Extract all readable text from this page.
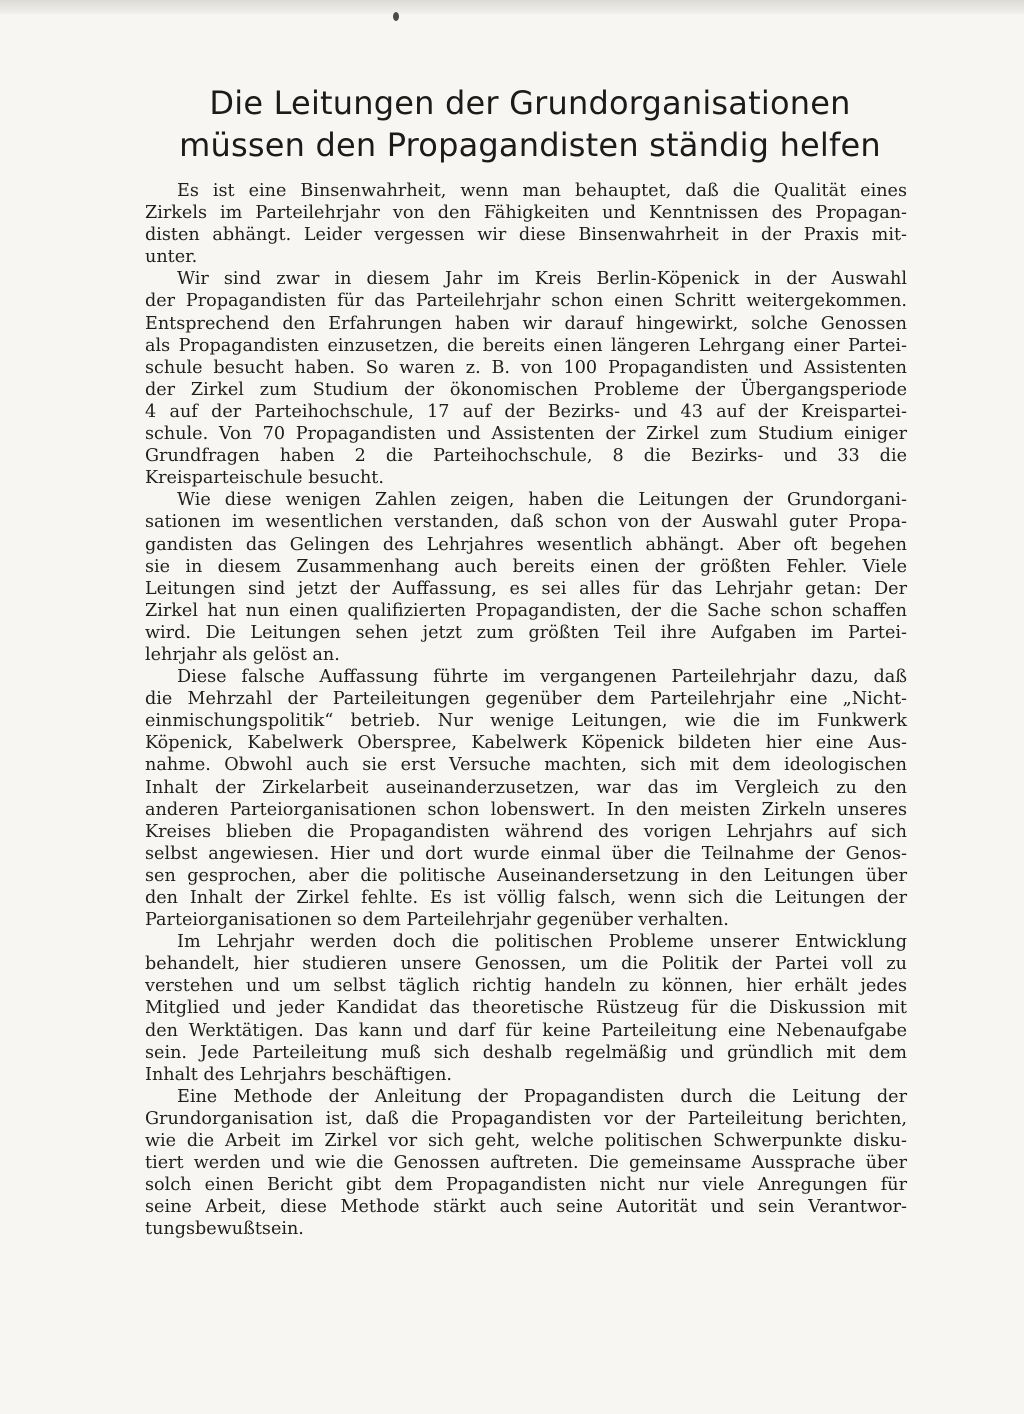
Die Leitungen der Grundorganisationen
müssen den Propagandisten ständig helfen
Es ist eine Binsenwahrheit, wenn man behauptet, daß die Qualität eines
Zirkels im Parteilehrjahr von den Fähigkeiten und Kenntnissen des Propagan-
disten abhängt. Leider vergessen wir diese Binsenwahrheit in der Praxis mit-
unter.
Wir sind zwar in diesem Jahr im Kreis Berlin-Köpenick in der Auswahl
der Propagandisten für das Parteilehrjahr schon einen Schritt weitergekommen.
Entsprechend den Erfahrungen haben wir darauf hingewirkt, solche Genossen
als Propagandisten einzusetzen, die bereits einen längeren Lehrgang einer Partei-
schule besucht haben. So waren z. B. von 100 Propagandisten und Assistenten
der Zirkel zum Studium der ökonomischen Probleme der Übergangsperiode
4 auf der Parteihochschule, 17 auf der Bezirks- und 43 auf der Kreispartei-
schule. Von 70 Propagandisten und Assistenten der Zirkel zum Studium einiger
Grundfragen haben 2 die Parteihochschule, 8 die Bezirks- und 33 die
Kreisparteischule besucht.
Wie diese wenigen Zahlen zeigen, haben die Leitungen der Grundorgani-
sationen im wesentlichen verstanden, daß schon von der Auswahl guter Propa-
gandisten das Gelingen des Lehrjahres wesentlich abhängt. Aber oft begehen
sie in diesem Zusammenhang auch bereits einen der größten Fehler. Viele
Leitungen sind jetzt der Auffassung, es sei alles für das Lehrjahr getan: Der
Zirkel hat nun einen qualifizierten Propagandisten, der die Sache schon schaffen
wird. Die Leitungen sehen jetzt zum größten Teil ihre Aufgaben im Partei-
lehrjahr als gelöst an.
Diese falsche Auffassung führte im vergangenen Parteilehrjahr dazu, daß
die Mehrzahl der Parteileitungen gegenüber dem Parteilehrjahr eine „Nicht-
einmischungspolitik“ betrieb. Nur wenige Leitungen, wie die im Funkwerk
Köpenick, Kabelwerk Oberspree, Kabelwerk Köpenick bildeten hier eine Aus-
nahme. Obwohl auch sie erst Versuche machten, sich mit dem ideologischen
Inhalt der Zirkelarbeit auseinanderzusetzen, war das im Vergleich zu den
anderen Parteiorganisationen schon lobenswert. In den meisten Zirkeln unseres
Kreises blieben die Propagandisten während des vorigen Lehrjahrs auf sich
selbst angewiesen. Hier und dort wurde einmal über die Teilnahme der Genos-
sen gesprochen, aber die politische Auseinandersetzung in den Leitungen über
den Inhalt der Zirkel fehlte. Es ist völlig falsch, wenn sich die Leitungen der
Parteiorganisationen so dem Parteilehrjahr gegenüber verhalten.
Im Lehrjahr werden doch die politischen Probleme unserer Entwicklung
behandelt, hier studieren unsere Genossen, um die Politik der Partei voll zu
verstehen und um selbst täglich richtig handeln zu können, hier erhält jedes
Mitglied und jeder Kandidat das theoretische Rüstzeug für die Diskussion mit
den Werktätigen. Das kann und darf für keine Parteileitung eine Nebenaufgabe
sein. Jede Parteileitung muß sich deshalb regelmäßig und gründlich mit dem
Inhalt des Lehrjahrs beschäftigen.
Eine Methode der Anleitung der Propagandisten durch die Leitung der
Grundorganisation ist, daß die Propagandisten vor der Parteileitung berichten,
wie die Arbeit im Zirkel vor sich geht, welche politischen Schwerpunkte disku-
tiert werden und wie die Genossen auftreten. Die gemeinsame Aussprache über
solch einen Bericht gibt dem Propagandisten nicht nur viele Anregungen für
seine Arbeit, diese Methode stärkt auch seine Autorität und sein Verantwor-
tungsbewußtsein.
